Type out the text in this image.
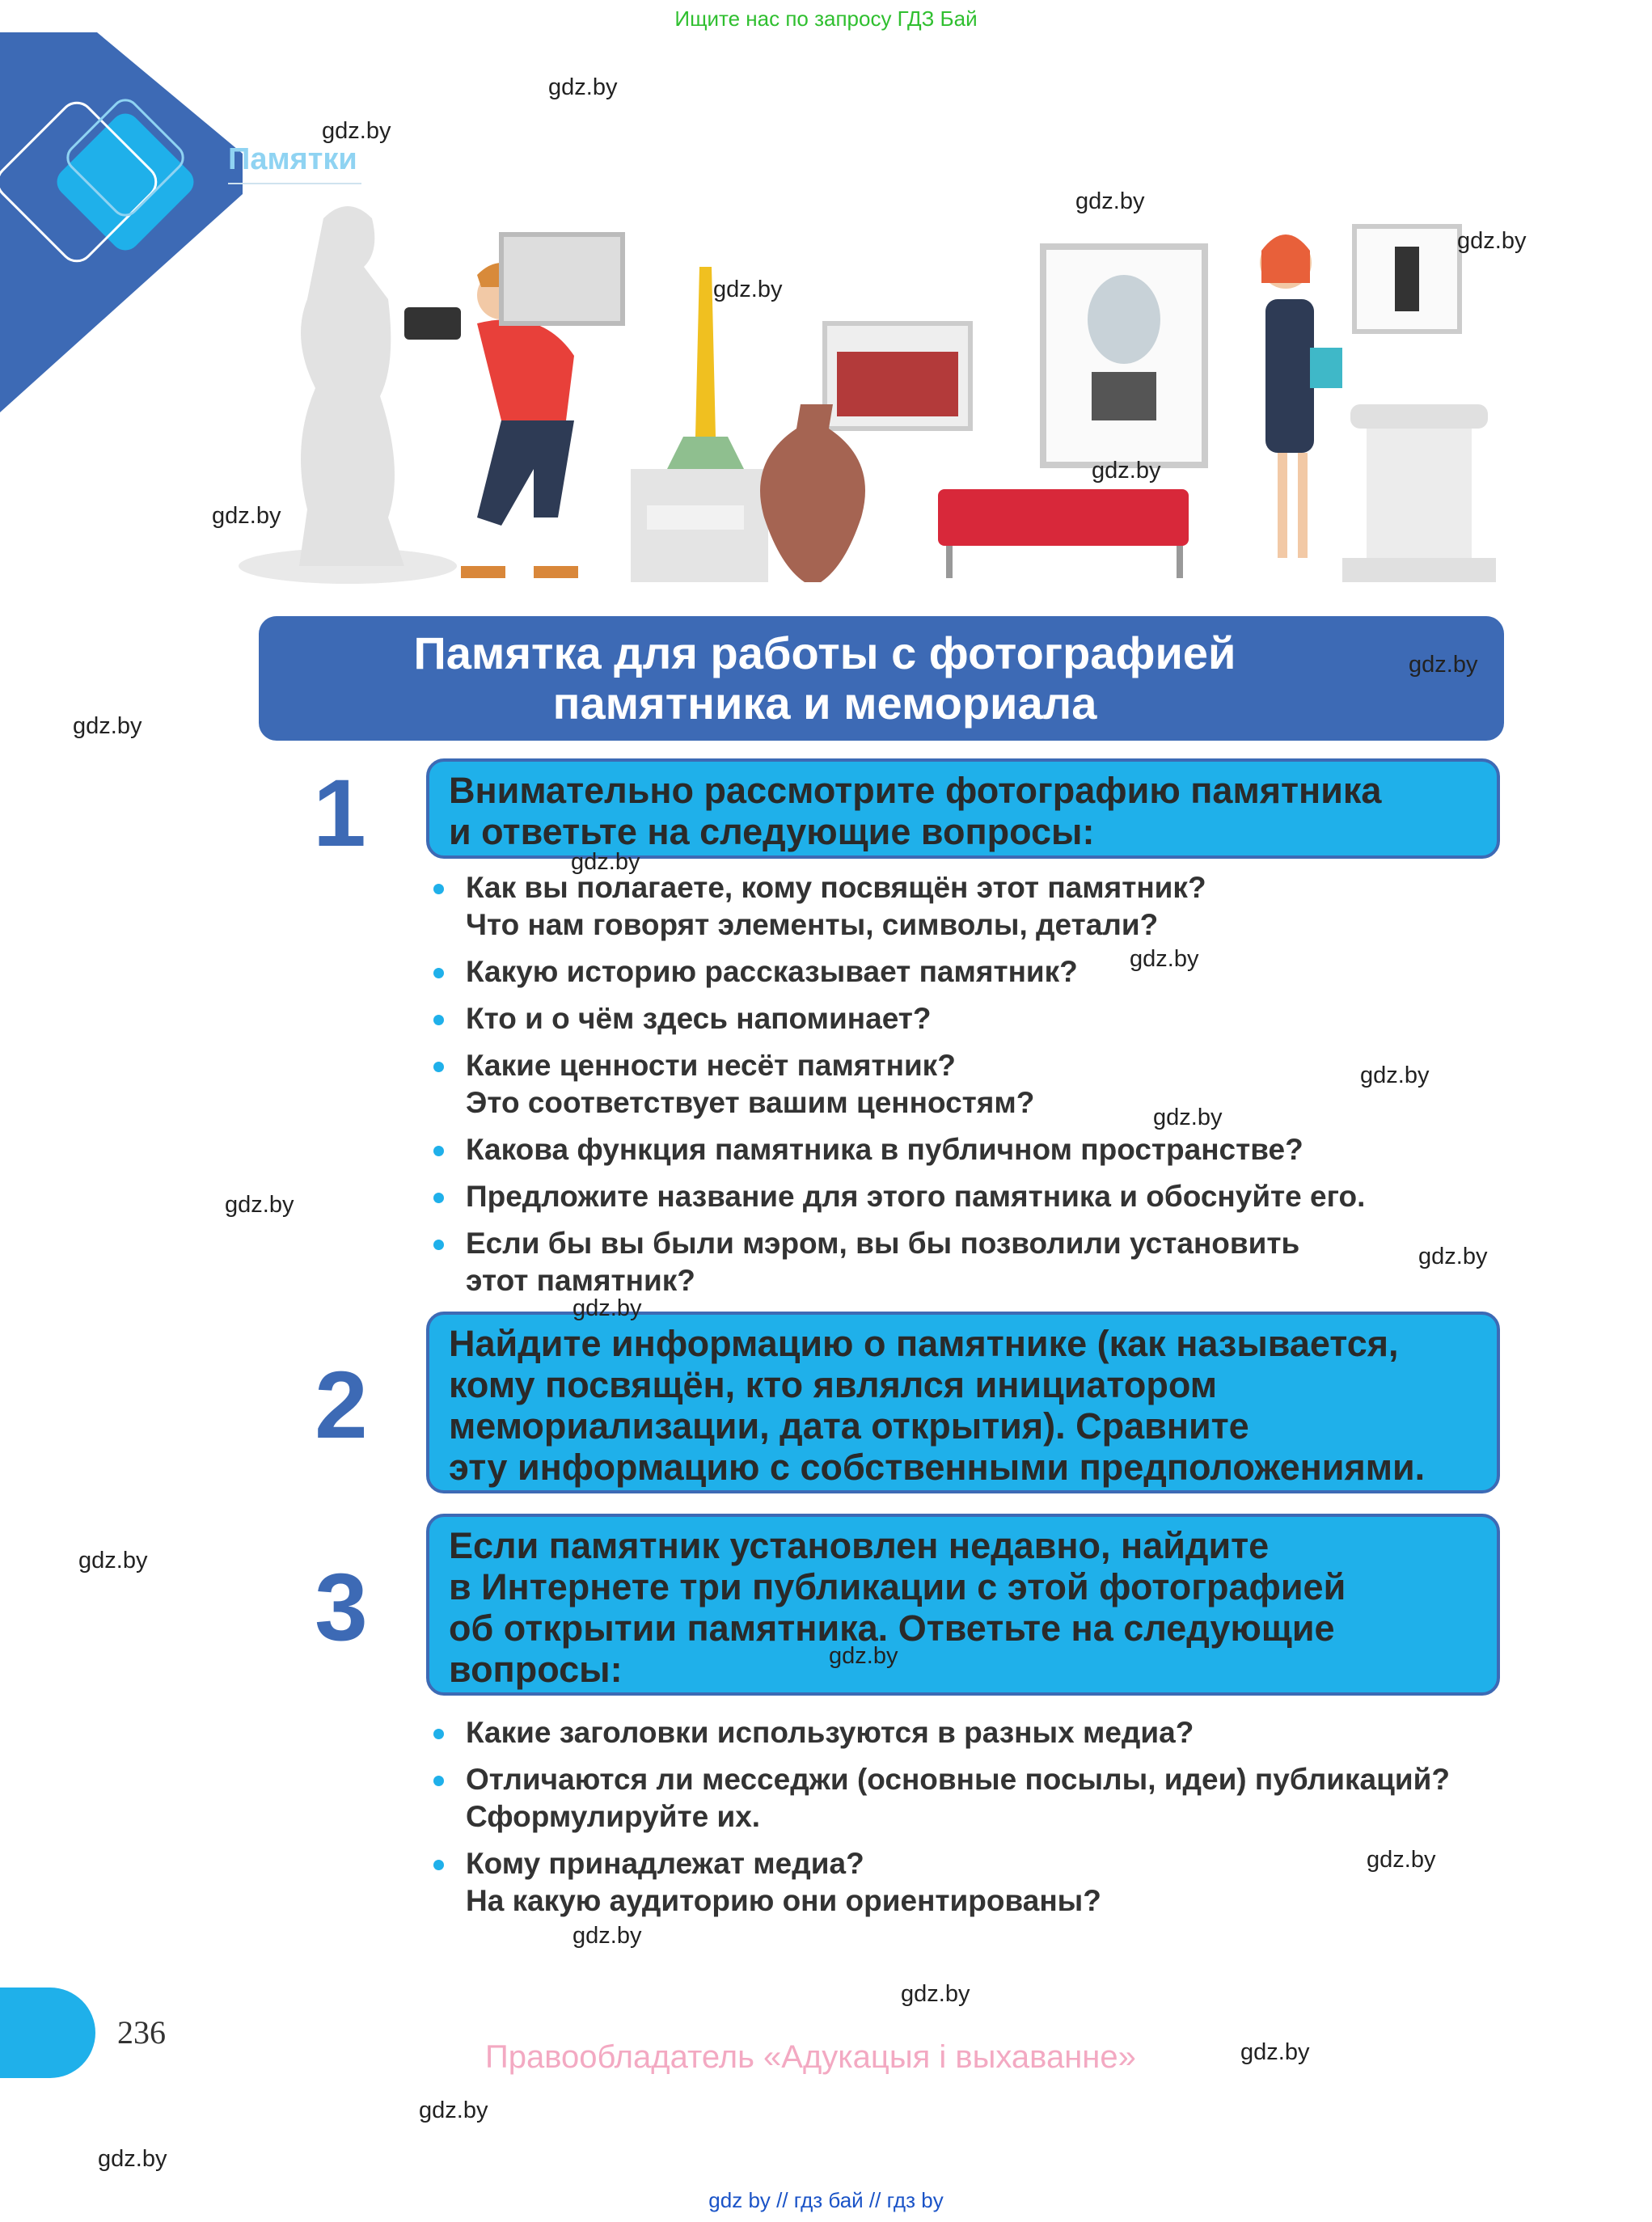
Ищите нас по запросу ГДЗ Бай
Памятки
Памятка для работы с фотографией
памятника и мемориала
1	Внимательно рассмотрите фотографию памятника
и ответьте на следующие вопросы:
Как вы полагаете, кому посвящён этот памятник?
Что нам говорят элементы, символы, детали?
Какую историю рассказывает памятник?
Кто и о чём здесь напоминает?
Какие ценности несёт памятник?
Это соответствует вашим ценностям?
Какова функция памятника в публичном пространстве?
Предложите название для этого памятника и обоснуйте его.
Если бы вы были мэром, вы бы позволили установить
этот памятник?
2
Найдите информацию о памятнике (как называется,
кому посвящён, кто являлся инициатором
мемориализации, дата открытия). Сравните
эту информацию с собственными предположениями.
3
Если памятник установлен недавно, найдите
в Интернете три публикации с этой фотографией
об открытии памятника. Ответьте на следующие
вопросы:
Какие заголовки используются в разных медиа?
Отличаются ли месседжи (основные посылы, идеи) публикаций?
Сформулируйте их.
Кому принадлежат медиа?
На какую аудиторию они ориентированы?
gdz.by
gdz.by
gdz.by
gdz.by
gdz.by
gdz.by
gdz.by
gdz.by
gdz.by
gdz.by
gdz.by
gdz.by
gdz.by
gdz.by
gdz.by
gdz.by
gdz.by
gdz.by
gdz.by
gdz.by
gdz.by
gdz.by
gdz.by
gdz.by
236
Правообладатель «Адукацыя і выхаванне»
gdz by // гдз бай // гдз by
